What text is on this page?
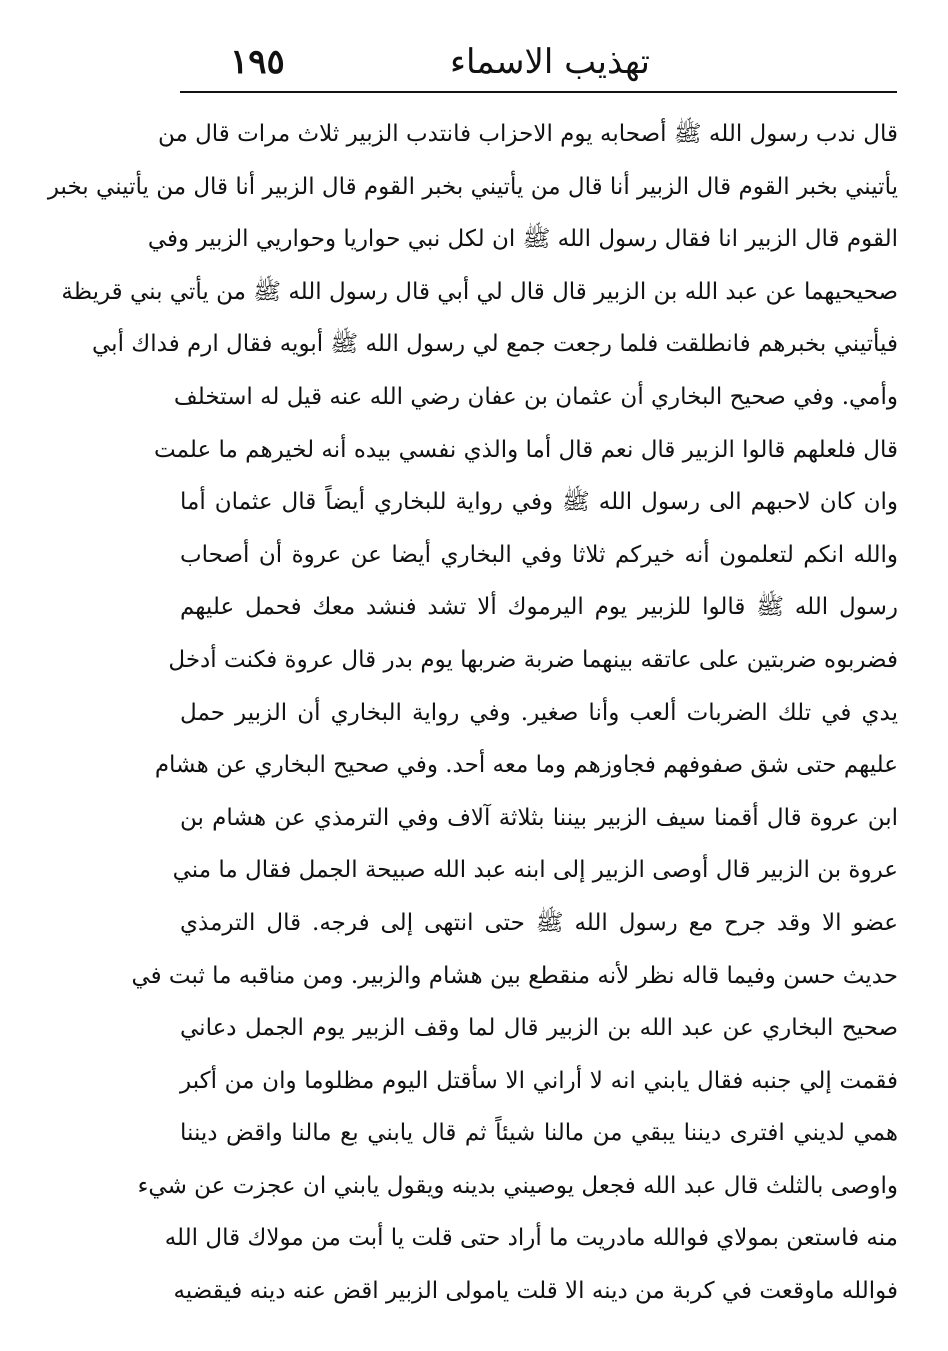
١٩٥	تهذيب الاسماء
قال ندب رسول الله ﷺ أصحابه يوم الاحزاب فانتدب الزبير ثلاث مرات قال من
يأتيني بخبر القوم قال الزبير أنا قال من يأتيني بخبر القوم قال الزبير أنا قال من يأتيني بخبر
القوم قال الزبير انا فقال رسول الله ﷺ ان لكل نبي حواريا وحواريي الزبير وفي
صحيحيهما عن عبد الله بن الزبير قال قال لي أبي قال رسول الله ﷺ من يأتي بني قريظة
فيأتيني بخبرهم فانطلقت فلما رجعت جمع لي رسول الله ﷺ أبويه فقال ارم فداك أبي
وأمي. وفي صحيح البخاري أن عثمان بن عفان رضي الله عنه قيل له استخلف
قال فلعلهم قالوا الزبير قال نعم قال أما والذي نفسي بيده أنه لخيرهم ما علمت
وان كان لاحبهم الى رسول الله ﷺ وفي رواية للبخاري أيضاً قال عثمان أما
والله انكم لتعلمون أنه خيركم ثلاثا وفي البخاري أيضا عن عروة أن أصحاب
رسول الله ﷺ قالوا للزبير يوم اليرموك ألا تشد فنشد معك فحمل عليهم
فضربوه ضربتين على عاتقه بينهما ضربة ضربها يوم بدر قال عروة فكنت أدخل
يدي في تلك الضربات ألعب وأنا صغير. وفي رواية البخاري أن الزبير حمل
عليهم حتى شق صفوفهم فجاوزهم وما معه أحد. وفي صحيح البخاري عن هشام
ابن عروة قال أقمنا سيف الزبير بيننا بثلاثة آلاف وفي الترمذي عن هشام بن
عروة بن الزبير قال أوصى الزبير إلى ابنه عبد الله صبيحة الجمل فقال ما مني
عضو الا وقد جرح مع رسول الله ﷺ حتى انتهى إلى فرجه. قال الترمذي
حديث حسن وفيما قاله نظر لأنه منقطع بين هشام والزبير. ومن مناقبه ما ثبت في
صحيح البخاري عن عبد الله بن الزبير قال لما وقف الزبير يوم الجمل دعاني
فقمت إلي جنبه فقال يابني انه لا أراني الا سأقتل اليوم مظلوما وان من أكبر
همي لديني افترى ديننا يبقي من مالنا شيئاً ثم قال يابني بع مالنا واقض ديننا
واوصى بالثلث قال عبد الله فجعل يوصيني بدينه ويقول يابني ان عجزت عن شيء
منه فاستعن بمولاي فوالله مادريت ما أراد حتى قلت يا أبت من مولاك قال الله
فوالله ماوقعت في كربة من دينه الا قلت يامولى الزبير اقض عنه دينه فيقضيه
